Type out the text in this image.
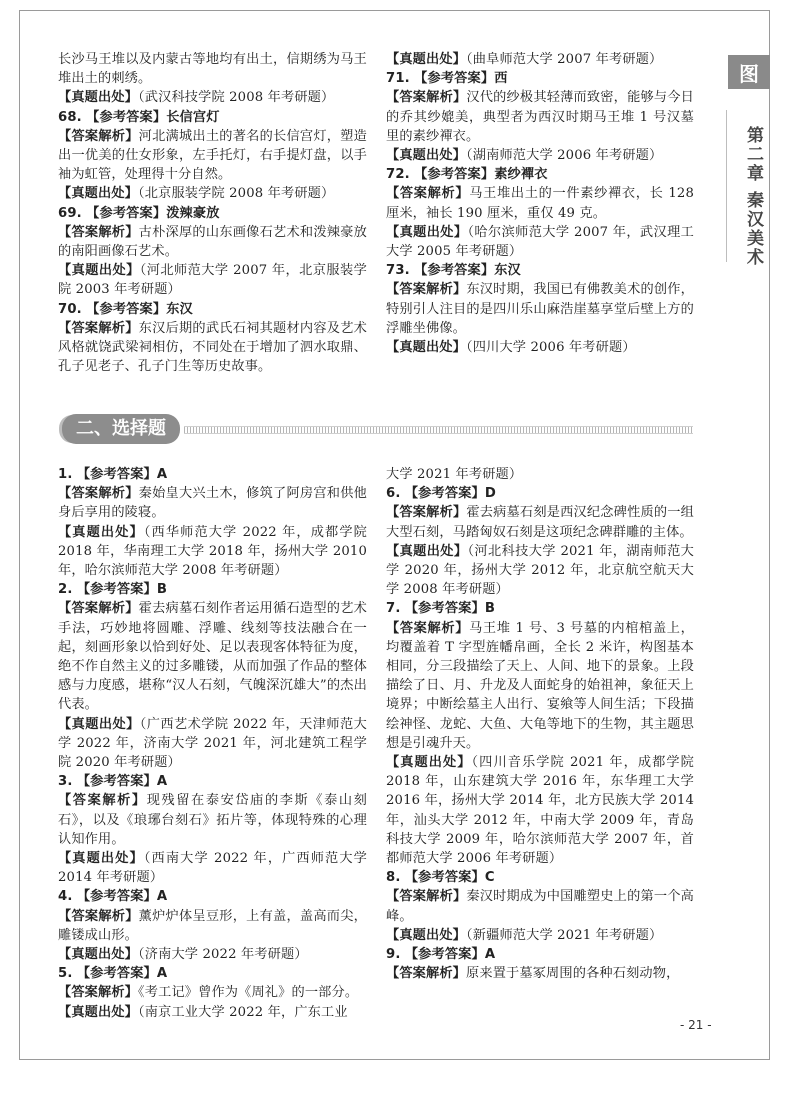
图
第二章 秦汉美术

长沙马王堆以及内蒙古等地均有出土，信期绣为马王堆出土的刺绣。

【真题出处】（武汉科技学院 2008 年考研题）

68. 【参考答案】长信宫灯

【答案解析】河北满城出土的著名的长信宫灯，塑造出一优美的仕女形象，左手托灯，右手提灯盘，以手袖为虹管，处理得十分自然。

【真题出处】（北京服装学院 2008 年考研题）

69. 【参考答案】泼辣豪放

【答案解析】古朴深厚的山东画像石艺术和泼辣豪放的南阳画像石艺术。

【真题出处】（河北师范大学 2007 年，北京服装学院 2003 年考研题）

70. 【参考答案】东汉

【答案解析】东汉后期的武氏石祠其题材内容及艺术风格就饶武梁祠相仿，不同处在于增加了泗水取鼎、孔子见老子、孔子门生等历史故事。

【真题出处】（曲阜师范大学 2007 年考研题）

71. 【参考答案】西

【答案解析】汉代的纱极其轻薄而致密，能够与今日的乔其纱媲美，典型者为西汉时期马王堆 1 号汉墓里的素纱襌衣。

【真题出处】（湖南师范大学 2006 年考研题）

72. 【参考答案】素纱襌衣

【答案解析】马王堆出土的一件素纱襌衣，长 128 厘米，袖长 190 厘米，重仅 49 克。

【真题出处】（哈尔滨师范大学 2007 年，武汉理工大学 2005 年考研题）

73. 【参考答案】东汉

【答案解析】东汉时期，我国已有佛教美术的创作，特别引人注目的是四川乐山麻浩崖墓享堂后壁上方的浮雕坐佛像。

【真题出处】（四川大学 2006 年考研题）

二、选择题

1. 【参考答案】A

【答案解析】秦始皇大兴土木，修筑了阿房宫和供他身后享用的陵寝。

【真题出处】（西华师范大学 2022 年，成都学院 2018 年，华南理工大学 2018 年，扬州大学 2010 年，哈尔滨师范大学 2008 年考研题）

2. 【参考答案】B

【答案解析】霍去病墓石刻作者运用循石造型的艺术手法，巧妙地将圆雕、浮雕、线刻等技法融合在一起，刻画形象以恰到好处、足以表现客体特征为度，绝不作自然主义的过多雕镂，从而加强了作品的整体感与力度感，堪称“汉人石刻，气魄深沉雄大”的杰出代表。

【真题出处】（广西艺术学院 2022 年，天津师范大学 2022 年，济南大学 2021 年，河北建筑工程学院 2020 年考研题）

3. 【参考答案】A

【答案解析】现残留在泰安岱庙的李斯《泰山刻石》，以及《琅琊台刻石》拓片等，体现特殊的心理认知作用。

【真题出处】（西南大学 2022 年，广西师范大学 2014 年考研题）

4. 【参考答案】A

【答案解析】薰炉炉体呈豆形，上有盖，盖高而尖，雕镂成山形。

【真题出处】（济南大学 2022 年考研题）

5. 【参考答案】A

【答案解析】《考工记》曾作为《周礼》的一部分。

【真题出处】（南京工业大学 2022 年，广东工业

大学 2021 年考研题）

6. 【参考答案】D

【答案解析】霍去病墓石刻是西汉纪念碑性质的一组大型石刻，马踏匈奴石刻是这项纪念碑群雕的主体。

【真题出处】（河北科技大学 2021 年，湖南师范大学 2020 年，扬州大学 2012 年，北京航空航天大学 2008 年考研题）

7. 【参考答案】B

【答案解析】马王堆 1 号、3 号墓的内棺棺盖上，均覆盖着 T 字型旌幡帛画，全长 2 米许，构图基本相同，分三段描绘了天上、人间、地下的景象。上段描绘了日、月、升龙及人面蛇身的始祖神，象征天上境界；中断绘墓主人出行、宴飨等人间生活；下段描绘神怪、龙蛇、大鱼、大龟等地下的生物，其主题思想是引魂升天。

【真题出处】（四川音乐学院 2021 年，成都学院 2018 年，山东建筑大学 2016 年，东华理工大学 2016 年，扬州大学 2014 年，北方民族大学 2014 年，汕头大学 2012 年，中南大学 2009 年，青岛科技大学 2009 年，哈尔滨师范大学 2007 年，首都师范大学 2006 年考研题）

8. 【参考答案】C

【答案解析】秦汉时期成为中国雕塑史上的第一个高峰。

【真题出处】（新疆师范大学 2021 年考研题）

9. 【参考答案】A

【答案解析】原来置于墓冢周围的各种石刻动物，

- 21 -
